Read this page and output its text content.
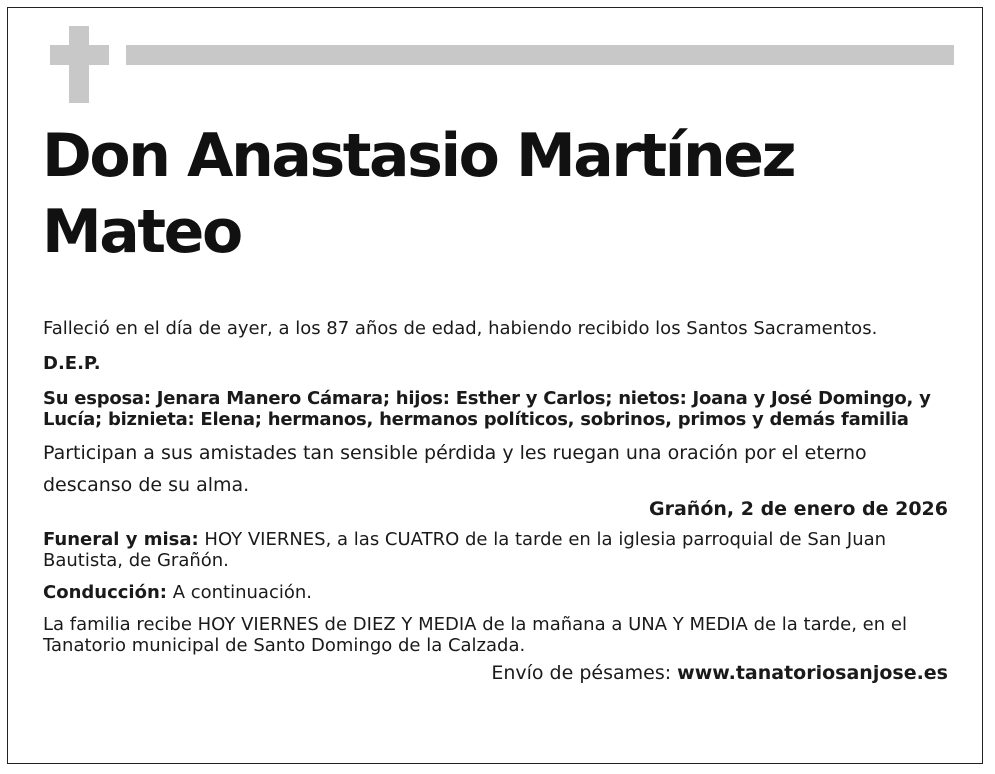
Don Anastasio Martínez Mateo

Falleció en el día de ayer, a los 87 años de edad, habiendo recibido los Santos Sacramentos.

D.E.P.

Su esposa: Jenara Manero Cámara; hijos: Esther y Carlos; nietos: Joana y José Domingo, y Lucía; biznieta: Elena; hermanos, hermanos políticos, sobrinos, primos y demás familia

Participan a sus amistades tan sensible pérdida y les ruegan una oración por el eterno descanso de su alma.

Grañón, 2 de enero de 2026

Funeral y misa: HOY VIERNES, a las CUATRO de la tarde en la iglesia parroquial de San Juan Bautista, de Grañón.

Conducción: A continuación.

La familia recibe HOY VIERNES de DIEZ Y MEDIA de la mañana a UNA Y MEDIA de la tarde, en el Tanatorio municipal de Santo Domingo de la Calzada.

Envío de pésames: www.tanatoriosanjose.es
